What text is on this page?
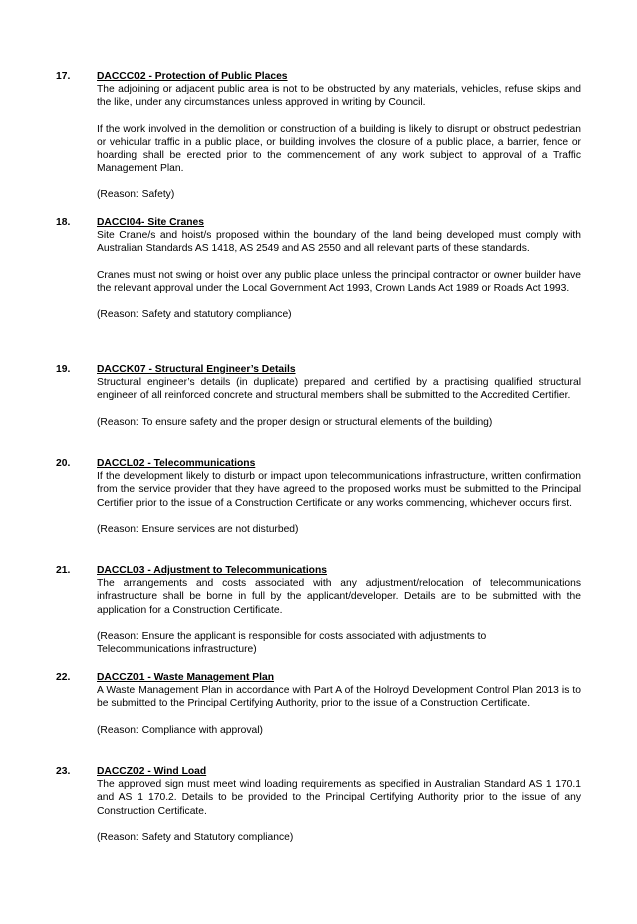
17.	DACCC02 - Protection of Public Places

The adjoining or adjacent public area is not to be obstructed by any materials, vehicles, refuse skips and the like, under any circumstances unless approved in writing by Council.

If the work involved in the demolition or construction of a building is likely to disrupt or obstruct pedestrian or vehicular traffic in a public place, or building involves the closure of a public place, a barrier, fence or hoarding shall be erected prior to the commencement of any work subject to approval of a Traffic Management Plan.

(Reason: Safety)

18.	DACCI04- Site Cranes

Site Crane/s and hoist/s proposed within the boundary of the land being developed must comply with Australian Standards AS 1418, AS 2549 and AS 2550 and all relevant parts of these standards.

Cranes must not swing or hoist over any public place unless the principal contractor or owner builder have the relevant approval under the Local Government Act 1993, Crown Lands Act 1989 or Roads Act 1993.

(Reason: Safety and statutory compliance)

19.	DACCK07 - Structural Engineer’s Details

Structural engineer’s details (in duplicate) prepared and certified by a practising qualified structural engineer of all reinforced concrete and structural members shall be submitted to the Accredited Certifier.

(Reason: To ensure safety and the proper design or structural elements of the building)

20.	DACCL02 - Telecommunications

If the development likely to disturb or impact upon telecommunications infrastructure, written confirmation from the service provider that they have agreed to the proposed works must be submitted to the Principal Certifier prior to the issue of a Construction Certificate or any works commencing, whichever occurs first.

(Reason: Ensure services are not disturbed)

21.	DACCL03 - Adjustment to Telecommunications

The arrangements and costs associated with any adjustment/relocation of telecommunications infrastructure shall be borne in full by the applicant/developer. Details are to be submitted with the application for a Construction Certificate.

(Reason: Ensure the applicant is responsible for costs associated with adjustments to Telecommunications infrastructure)

22.	DACCZ01 - Waste Management Plan

A Waste Management Plan in accordance with Part A of the Holroyd Development Control Plan 2013 is to be submitted to the Principal Certifying Authority, prior to the issue of a Construction Certificate.

(Reason: Compliance with approval)

23.	DACCZ02 - Wind Load

The approved sign must meet wind loading requirements as specified in Australian Standard AS 1 170.1 and AS 1 170.2. Details to be provided to the Principal Certifying Authority prior to the issue of any Construction Certificate.

(Reason: Safety and Statutory compliance)
